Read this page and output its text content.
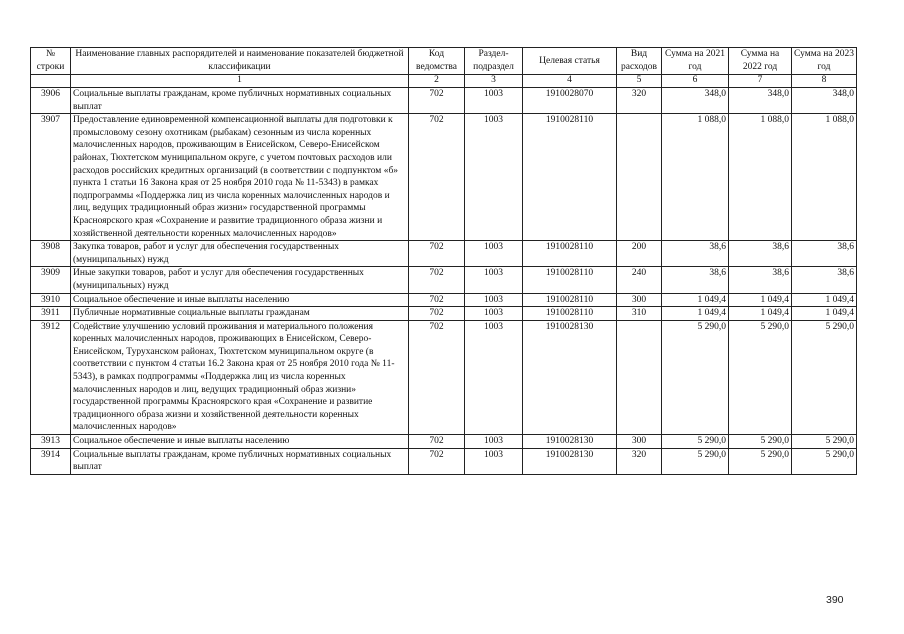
№ строки	Наименование главных распорядителей и наименование показателей бюджетной классификации	Код ведомства	Раздел-подраздел	Целевая статья	Вид расходов	Сумма на 2021 год	Сумма на 2022 год	Сумма на 2023 год
	1	2	3	4	5	6	7	8
3906	Социальные выплаты гражданам, кроме публичных нормативных социальных выплат	702	1003	1910028070	320	348,0	348,0	348,0
3907	Предоставление единовременной компенсационной выплаты для подготовки к промысловому сезону охотникам (рыбакам) сезонным из числа коренных малочисленных народов, проживающим в Енисейском, Северо-Енисейском районах, Тюхтетском муниципальном округе, с учетом почтовых расходов или расходов российских кредитных организаций (в соответствии с подпунктом «б» пункта 1 статьи 16 Закона края от 25 ноября 2010 года № 11-5343) в рамках подпрограммы «Поддержка лиц из числа коренных малочисленных народов и лиц, ведущих традиционный образ жизни» государственной программы Красноярского края «Сохранение и развитие традиционного образа жизни и хозяйственной деятельности коренных малочисленных народов»	702	1003	1910028110		1 088,0	1 088,0	1 088,0
3908	Закупка товаров, работ и услуг для обеспечения государственных (муниципальных) нужд	702	1003	1910028110	200	38,6	38,6	38,6
3909	Иные закупки товаров, работ и услуг для обеспечения государственных (муниципальных) нужд	702	1003	1910028110	240	38,6	38,6	38,6
3910	Социальное обеспечение и иные выплаты населению	702	1003	1910028110	300	1 049,4	1 049,4	1 049,4
3911	Публичные нормативные социальные выплаты гражданам	702	1003	1910028110	310	1 049,4	1 049,4	1 049,4
3912	Содействие улучшению условий проживания и материального положения коренных малочисленных народов, проживающих в Енисейском, Северо-Енисейском, Туруханском районах, Тюхтетском муниципальном округе (в соответствии с пунктом 4 статьи 16.2 Закона края от 25 ноября 2010 года № 11-5343), в рамках подпрограммы «Поддержка лиц из числа коренных малочисленных народов и лиц, ведущих традиционный образ жизни» государственной программы Красноярского края «Сохранение и развитие традиционного образа жизни и хозяйственной деятельности коренных малочисленных народов»	702	1003	1910028130		5 290,0	5 290,0	5 290,0
3913	Социальное обеспечение и иные выплаты населению	702	1003	1910028130	300	5 290,0	5 290,0	5 290,0
3914	Социальные выплаты гражданам, кроме публичных нормативных социальных выплат	702	1003	1910028130	320	5 290,0	5 290,0	5 290,0
390
